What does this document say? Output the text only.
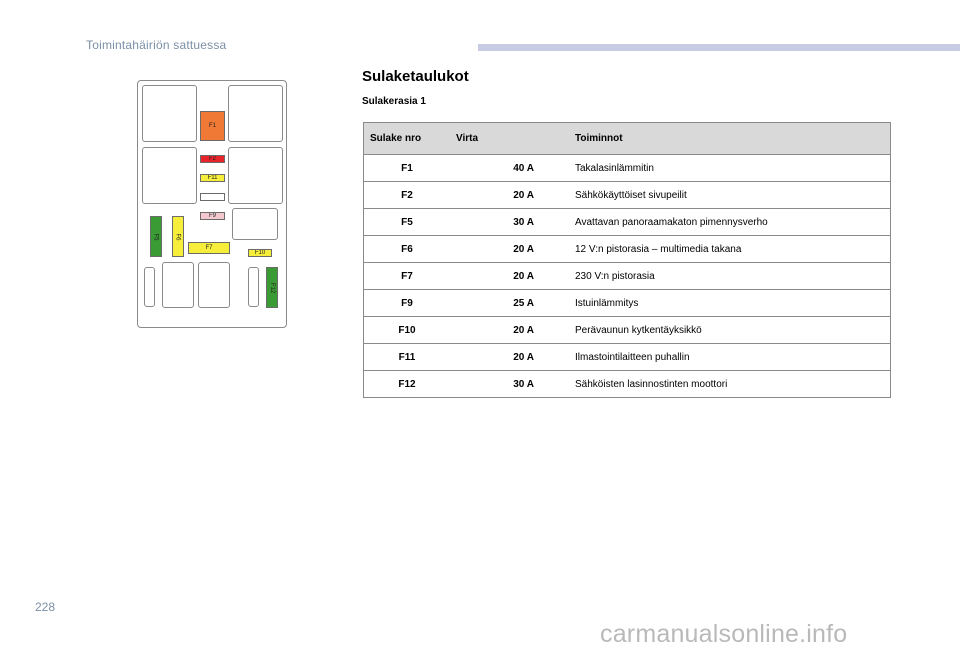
Toimintahäiriön sattuessa
Sulaketaulukot
Sulakerasia 1
F1
F2
F11
F9
F5	F6
F7
F10
F12
Sulake nro	Virta	Toiminnot
F1	40 A	Takalasinlämmitin
F2	20 A	Sähkökäyttöiset sivupeilit
F5	30 A	Avattavan panoraamakaton pimennysverho
F6	20 A	12 V:n pistorasia – multimedia takana
F7	20 A	230 V:n pistorasia
F9	25 A	Istuinlämmitys
F10	20 A	Perävaunun kytkentäyksikkö
F11	20 A	Ilmastointilaitteen puhallin
F12	30 A	Sähköisten lasinnostinten moottori
228
carmanualsonline.info
